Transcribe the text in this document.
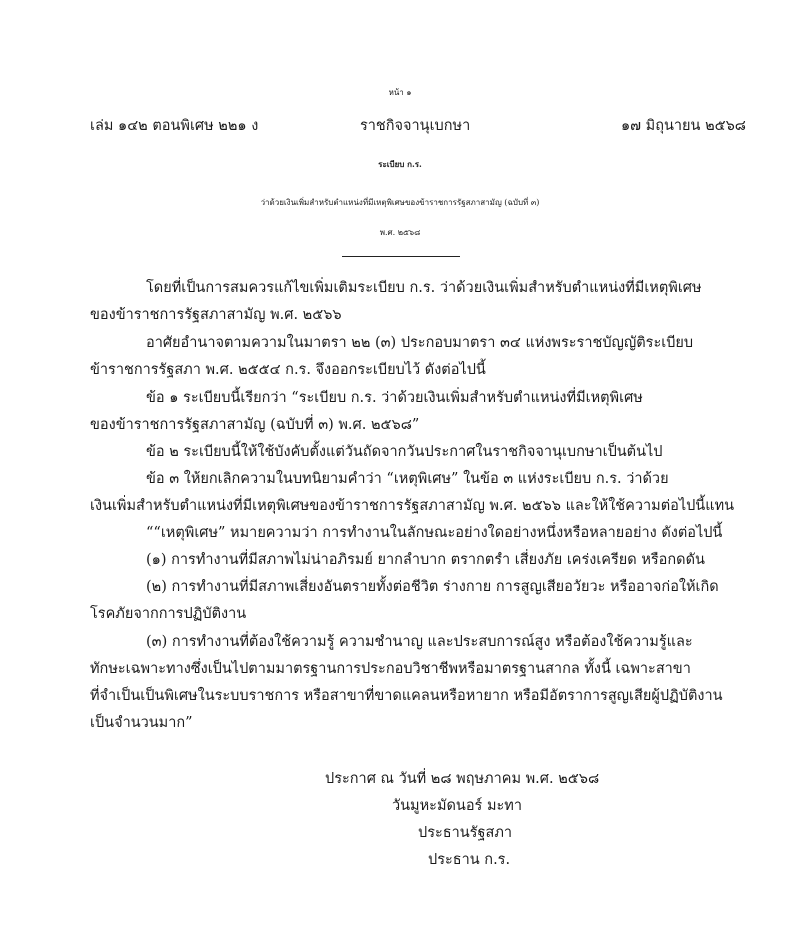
หน้า ๑
เล่ม ๑๔๒ ตอนพิเศษ ๒๒๑ ง	ราชกิจจานุเบกษา	๑๗ มิถุนายน ๒๕๖๘
ระเบียบ ก.ร.
ว่าด้วยเงินเพิ่มสำหรับตำแหน่งที่มีเหตุพิเศษของข้าราชการรัฐสภาสามัญ (ฉบับที่ ๓)
พ.ศ. ๒๕๖๘
โดยที่เป็นการสมควรแก้ไขเพิ่มเติมระเบียบ ก.ร. ว่าด้วยเงินเพิ่มสำหรับตำแหน่งที่มีเหตุพิเศษ
ของข้าราชการรัฐสภาสามัญ พ.ศ. ๒๕๖๖
อาศัยอำนาจตามความในมาตรา ๒๒ (๓) ประกอบมาตรา ๓๔ แห่งพระราชบัญญัติระเบียบ
ข้าราชการรัฐสภา พ.ศ. ๒๕๕๔ ก.ร. จึงออกระเบียบไว้ ดังต่อไปนี้
ข้อ ๑ ระเบียบนี้เรียกว่า “ระเบียบ ก.ร. ว่าด้วยเงินเพิ่มสำหรับตำแหน่งที่มีเหตุพิเศษ
ของข้าราชการรัฐสภาสามัญ (ฉบับที่ ๓) พ.ศ. ๒๕๖๘”
ข้อ ๒ ระเบียบนี้ให้ใช้บังคับตั้งแต่วันถัดจากวันประกาศในราชกิจจานุเบกษาเป็นต้นไป
ข้อ ๓ ให้ยกเลิกความในบทนิยามคำว่า “เหตุพิเศษ” ในข้อ ๓ แห่งระเบียบ ก.ร. ว่าด้วย
เงินเพิ่มสำหรับตำแหน่งที่มีเหตุพิเศษของข้าราชการรัฐสภาสามัญ พ.ศ. ๒๕๖๖ และให้ใช้ความต่อไปนี้แทน
““เหตุพิเศษ” หมายความว่า การทำงานในลักษณะอย่างใดอย่างหนึ่งหรือหลายอย่าง ดังต่อไปนี้
(๑) การทำงานที่มีสภาพไม่น่าอภิรมย์ ยากลำบาก ตรากตรำ เสี่ยงภัย เคร่งเครียด หรือกดดัน
(๒) การทำงานที่มีสภาพเสี่ยงอันตรายทั้งต่อชีวิต ร่างกาย การสูญเสียอวัยวะ หรืออาจก่อให้เกิด
โรคภัยจากการปฏิบัติงาน
(๓) การทำงานที่ต้องใช้ความรู้ ความชำนาญ และประสบการณ์สูง หรือต้องใช้ความรู้และ
ทักษะเฉพาะทางซึ่งเป็นไปตามมาตรฐานการประกอบวิชาชีพหรือมาตรฐานสากล ทั้งนี้ เฉพาะสาขา
ที่จำเป็นเป็นพิเศษในระบบราชการ หรือสาขาที่ขาดแคลนหรือหายาก หรือมีอัตราการสูญเสียผู้ปฏิบัติงาน
เป็นจำนวนมาก”
ประกาศ ณ วันที่ ๒๘ พฤษภาคม พ.ศ. ๒๕๖๘
วันมูหะมัดนอร์ มะทา
ประธานรัฐสภา
ประธาน ก.ร.
